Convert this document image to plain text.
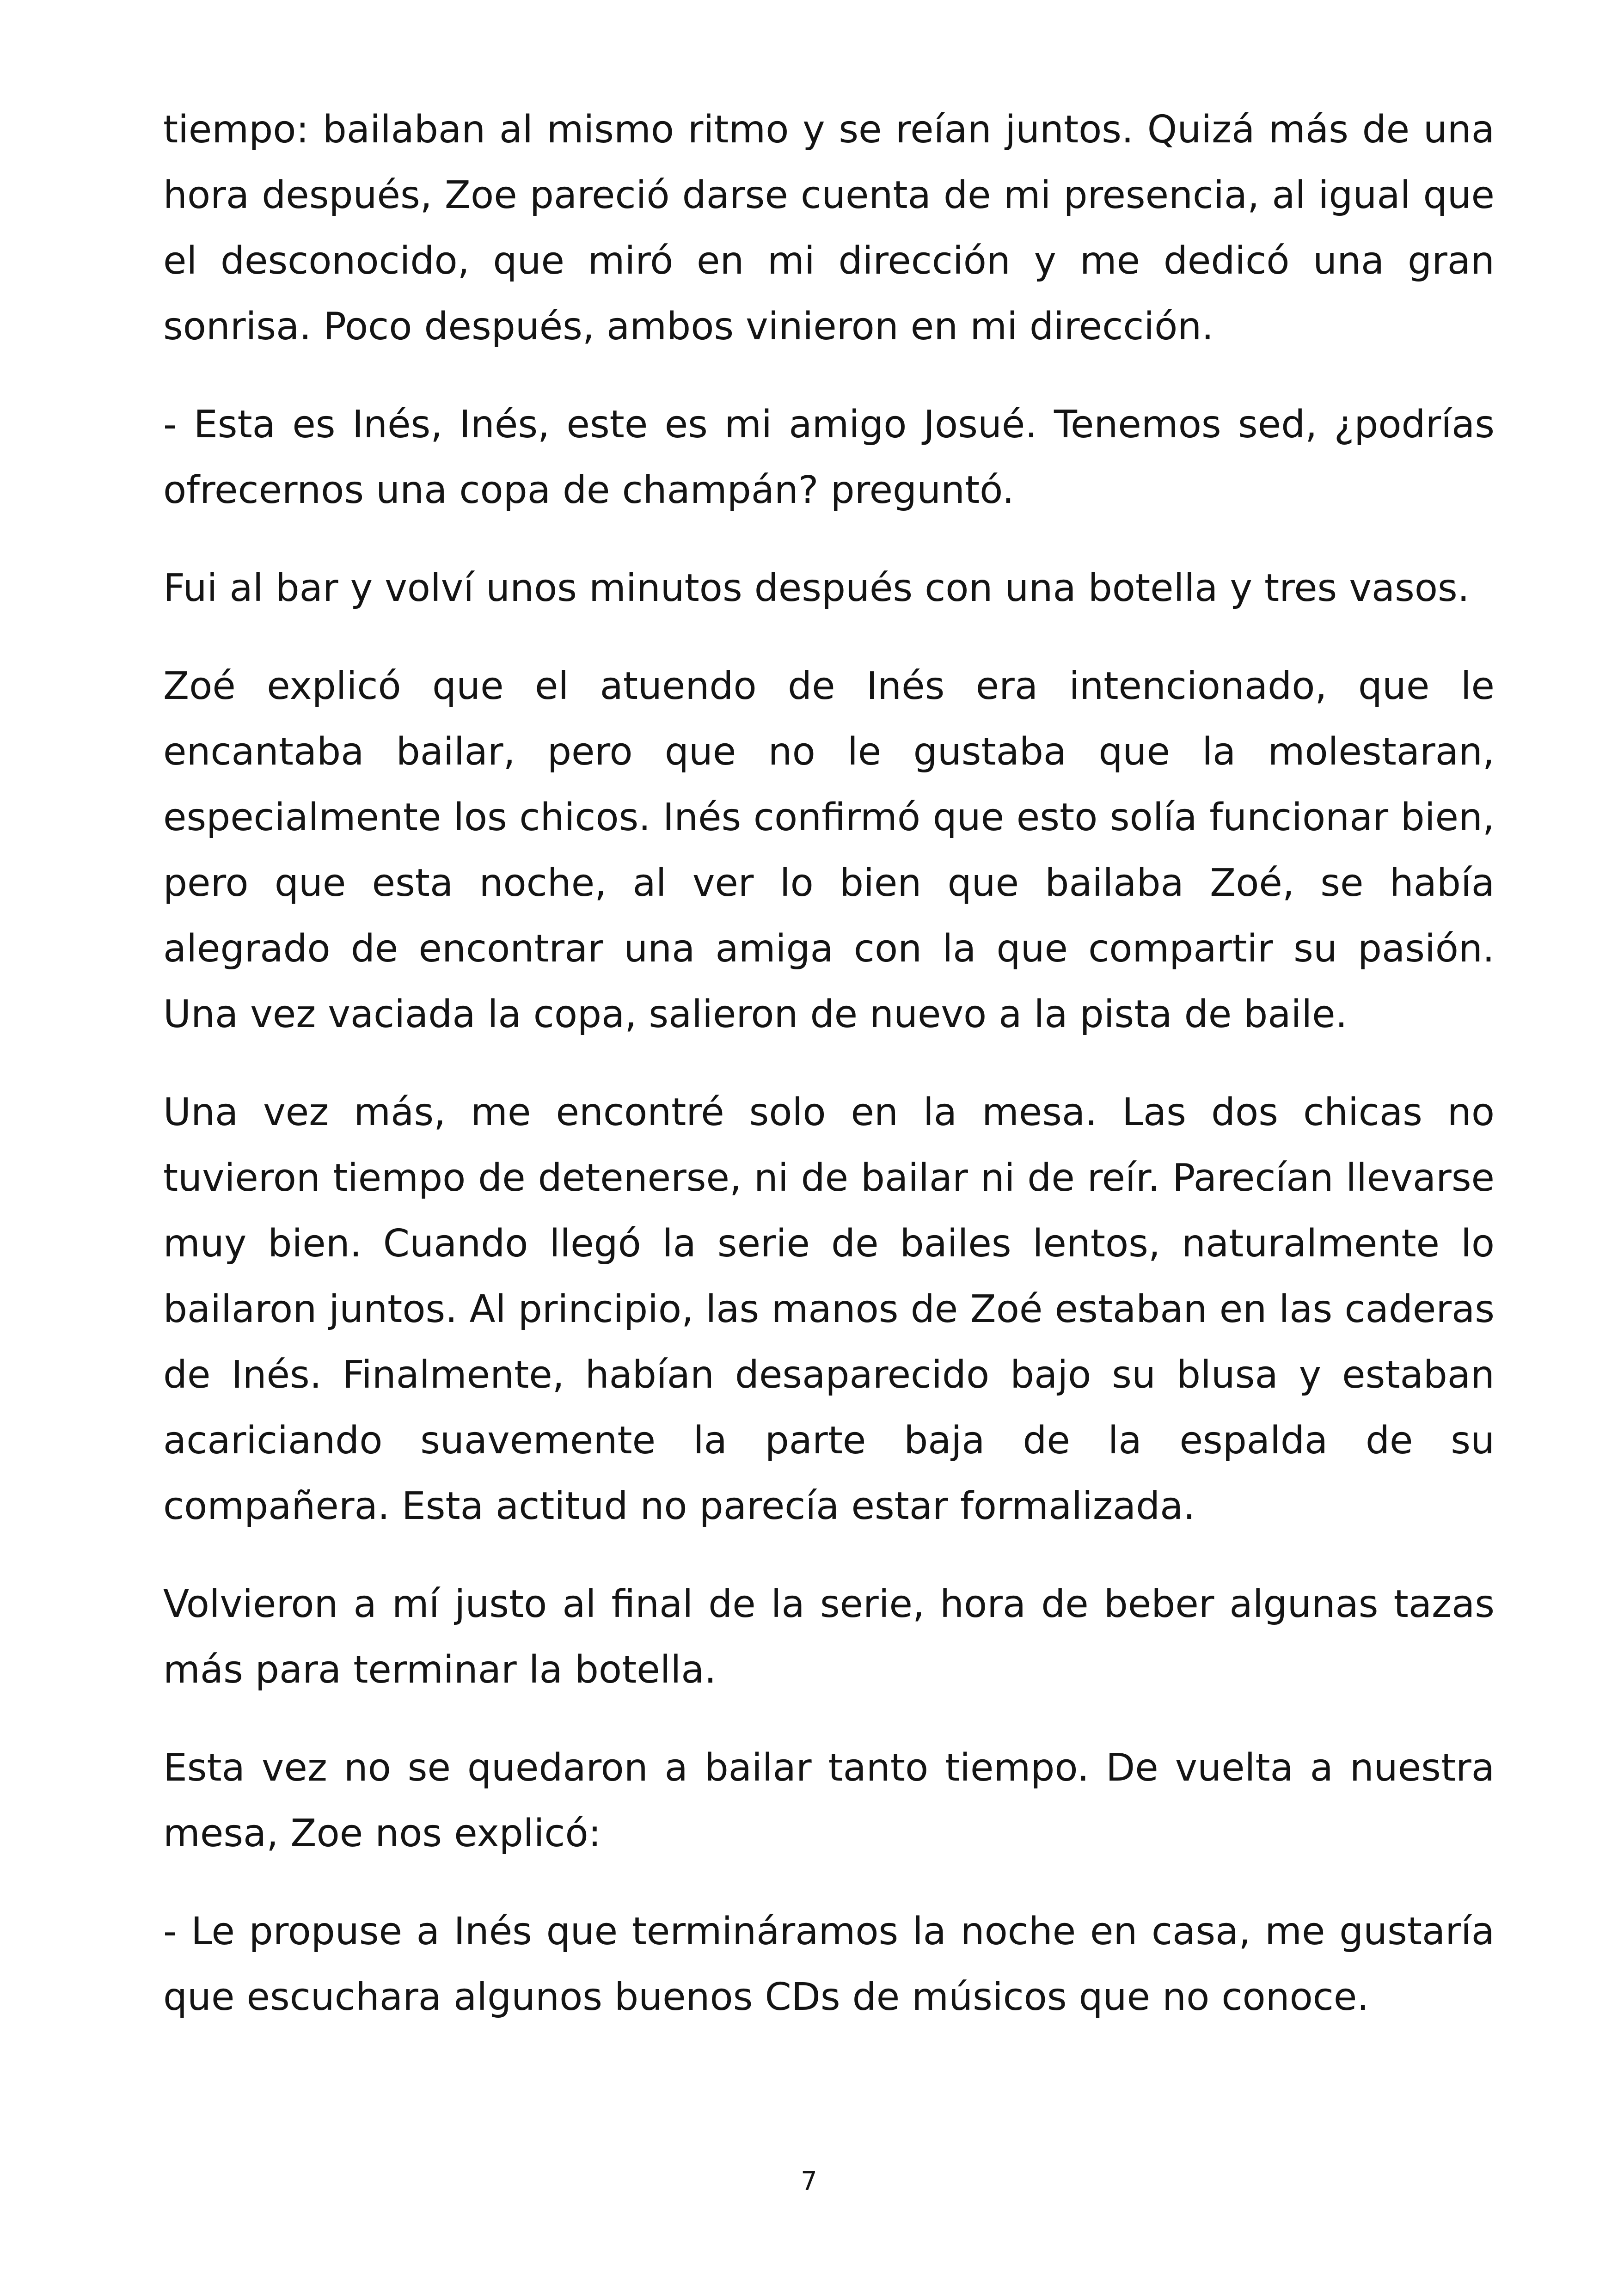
tiempo: bailaban al mismo ritmo y se reían juntos. Quizá más de una hora después, Zoe pareció darse cuenta de mi presencia, al igual que el desconocido, que miró en mi dirección y me dedicó una gran sonrisa. Poco después, ambos vinieron en mi dirección.

- Esta es Inés, Inés, este es mi amigo Josué. Tenemos sed, ¿podrías ofrecernos una copa de champán? preguntó.

Fui al bar y volví unos minutos después con una botella y tres vasos.

Zoé explicó que el atuendo de Inés era intencionado, que le encantaba bailar, pero que no le gustaba que la molestaran, especialmente los chicos. Inés confirmó que esto solía funcionar bien, pero que esta noche, al ver lo bien que bailaba Zoé, se había alegrado de encontrar una amiga con la que compartir su pasión. Una vez vaciada la copa, salieron de nuevo a la pista de baile.

Una vez más, me encontré solo en la mesa. Las dos chicas no tuvieron tiempo de detenerse, ni de bailar ni de reír. Parecían llevarse muy bien. Cuando llegó la serie de bailes lentos, naturalmente lo bailaron juntos. Al principio, las manos de Zoé estaban en las caderas de Inés. Finalmente, habían desaparecido bajo su blusa y estaban acariciando suavemente la parte baja de la espalda de su compañera. Esta actitud no parecía estar formalizada.

Volvieron a mí justo al final de la serie, hora de beber algunas tazas más para terminar la botella.

Esta vez no se quedaron a bailar tanto tiempo. De vuelta a nuestra mesa, Zoe nos explicó:

- Le propuse a Inés que termináramos la noche en casa, me gustaría que escuchara algunos buenos CDs de músicos que no conoce.

7
